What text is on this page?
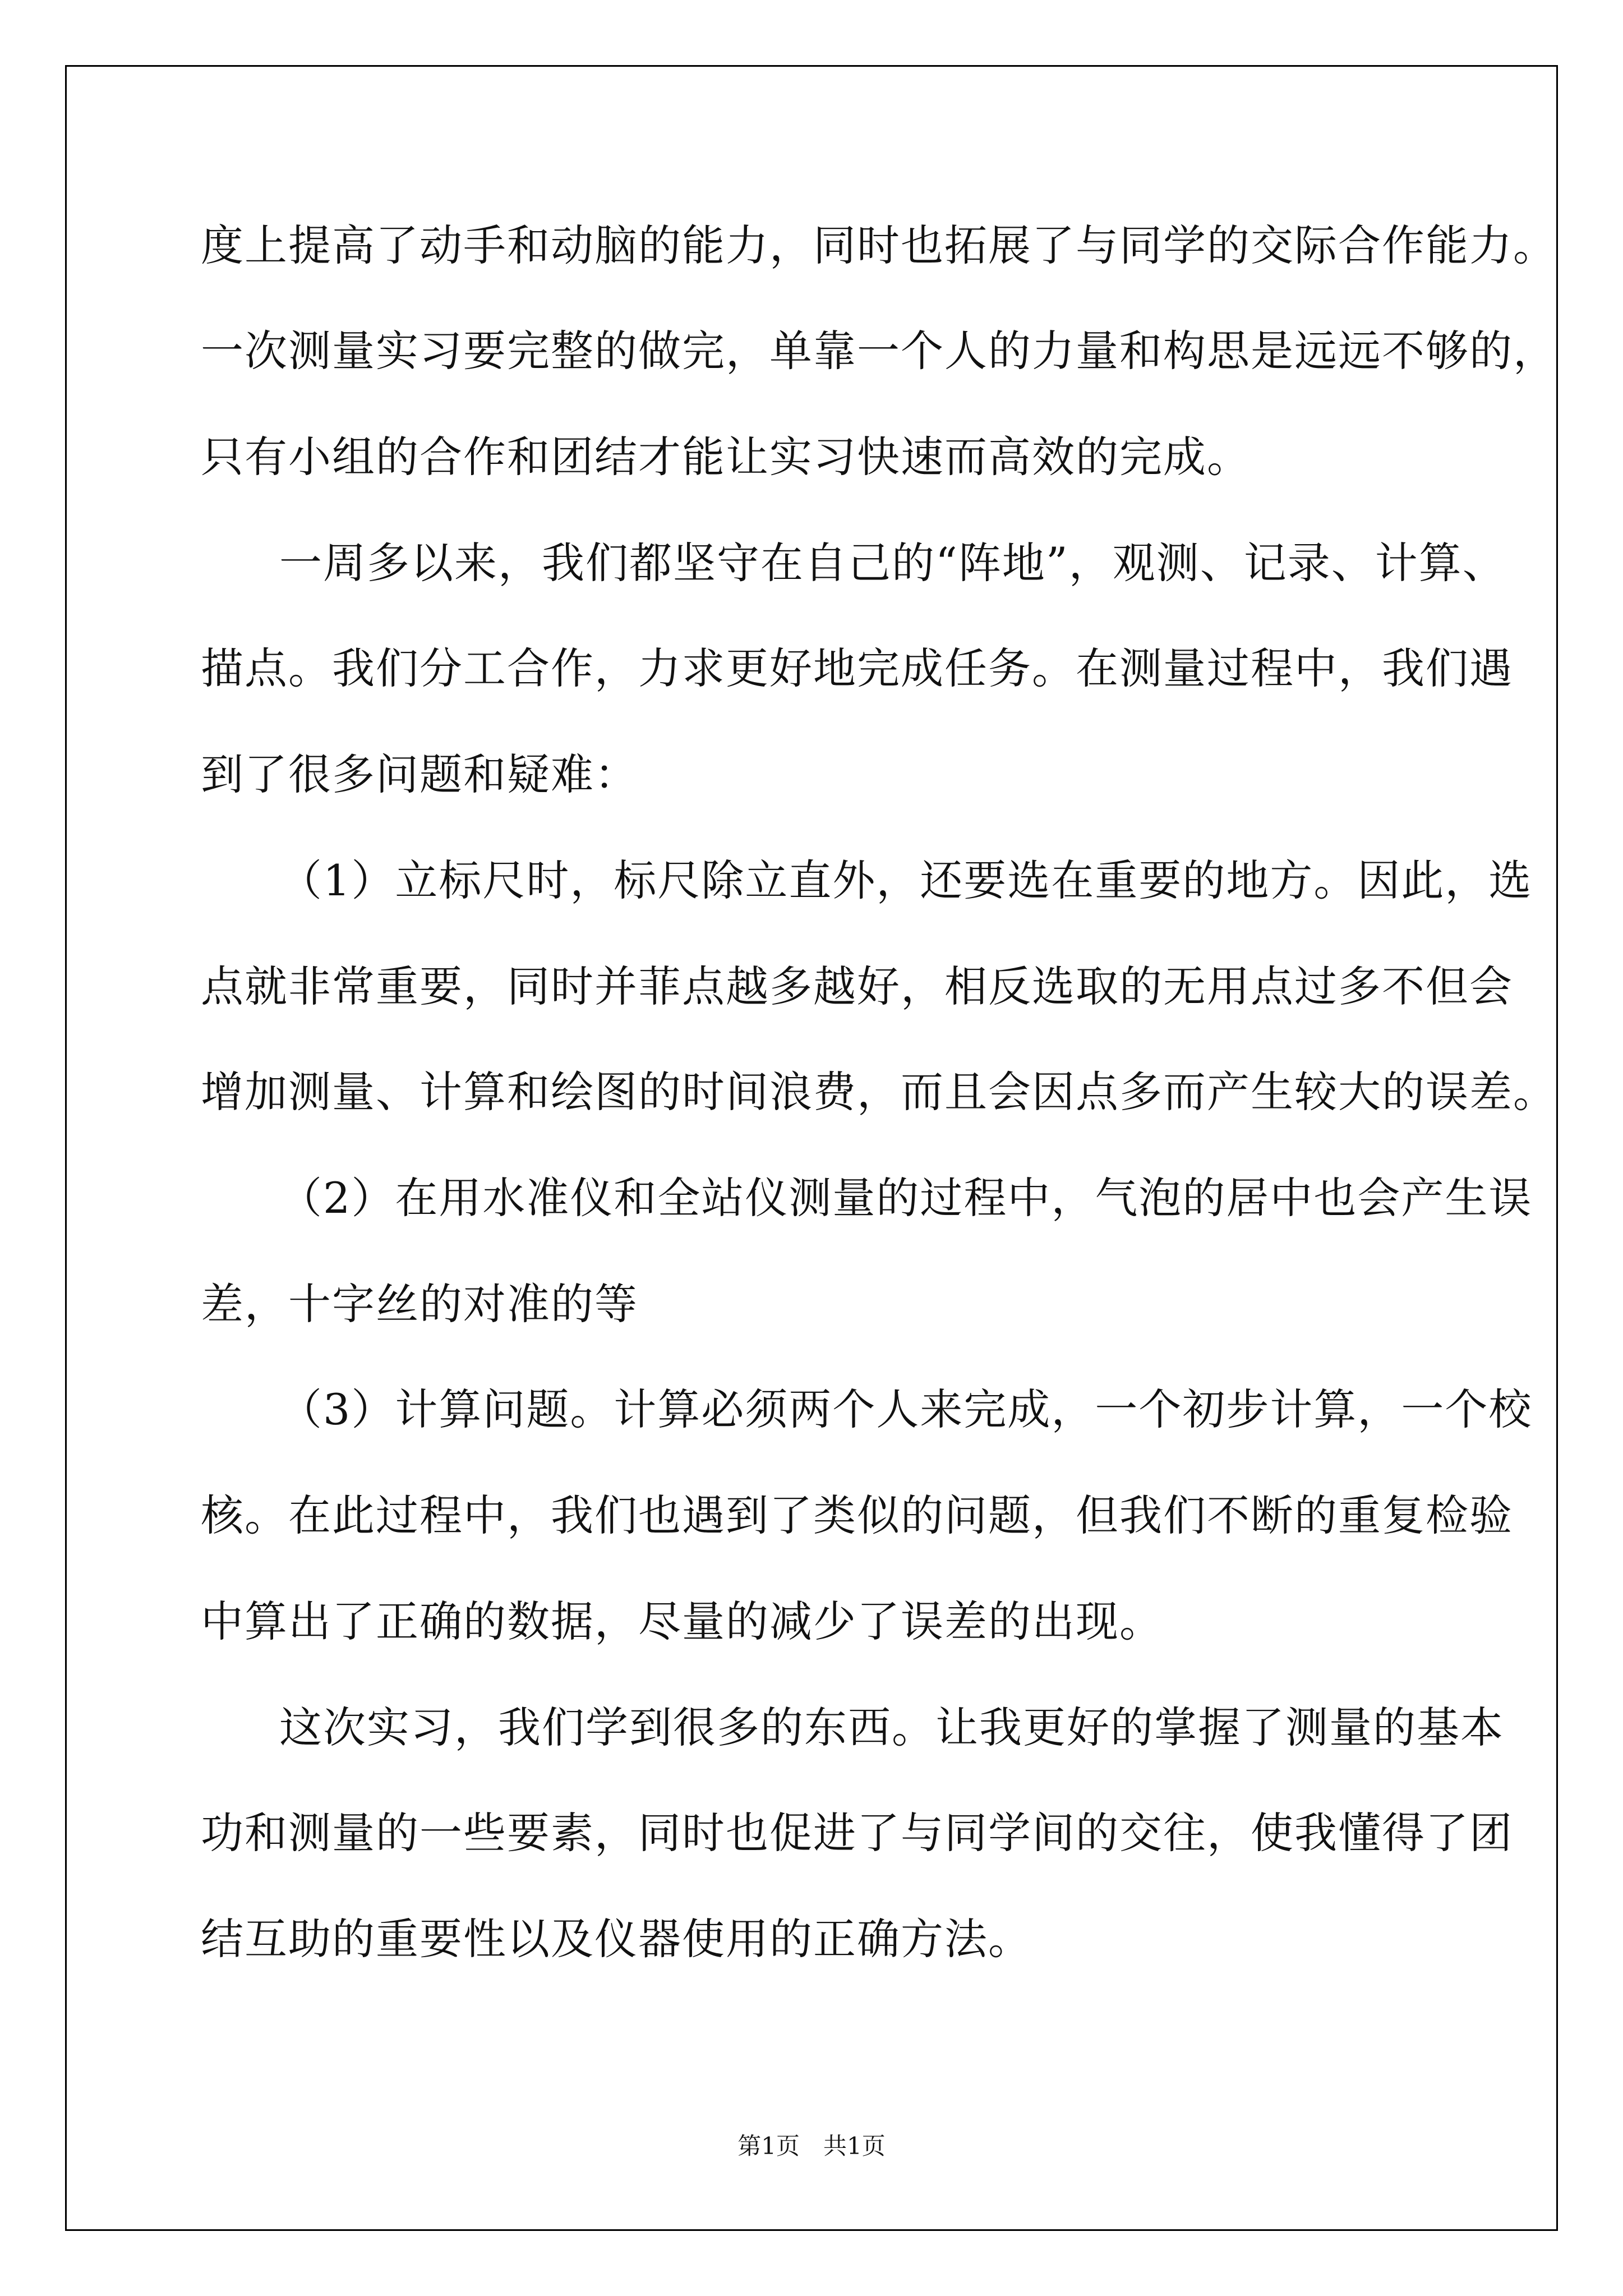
度上提高了动手和动脑的能力，同时也拓展了与同学的交际合作能力。
一次测量实习要完整的做完，单靠一个人的力量和构思是远远不够的，
只有小组的合作和团结才能让实习快速而高效的完成。
一周多以来，我们都坚守在自己的“阵地”，观测、记录、计算、
描点。我们分工合作，力求更好地完成任务。在测量过程中，我们遇
到了很多问题和疑难：
（1）立标尺时，标尺除立直外，还要选在重要的地方。因此，选
点就非常重要，同时并菲点越多越好，相反选取的无用点过多不但会
增加测量、计算和绘图的时间浪费，而且会因点多而产生较大的误差。
（2）在用水准仪和全站仪测量的过程中，气泡的居中也会产生误
差，十字丝的对准的等
（3）计算问题。计算必须两个人来完成，一个初步计算，一个校
核。在此过程中，我们也遇到了类似的问题，但我们不断的重复检验
中算出了正确的数据，尽量的减少了误差的出现。
这次实习，我们学到很多的东西。让我更好的掌握了测量的基本
功和测量的一些要素，同时也促进了与同学间的交往，使我懂得了团
结互助的重要性以及仪器使用的正确方法。
第1页　共1页
